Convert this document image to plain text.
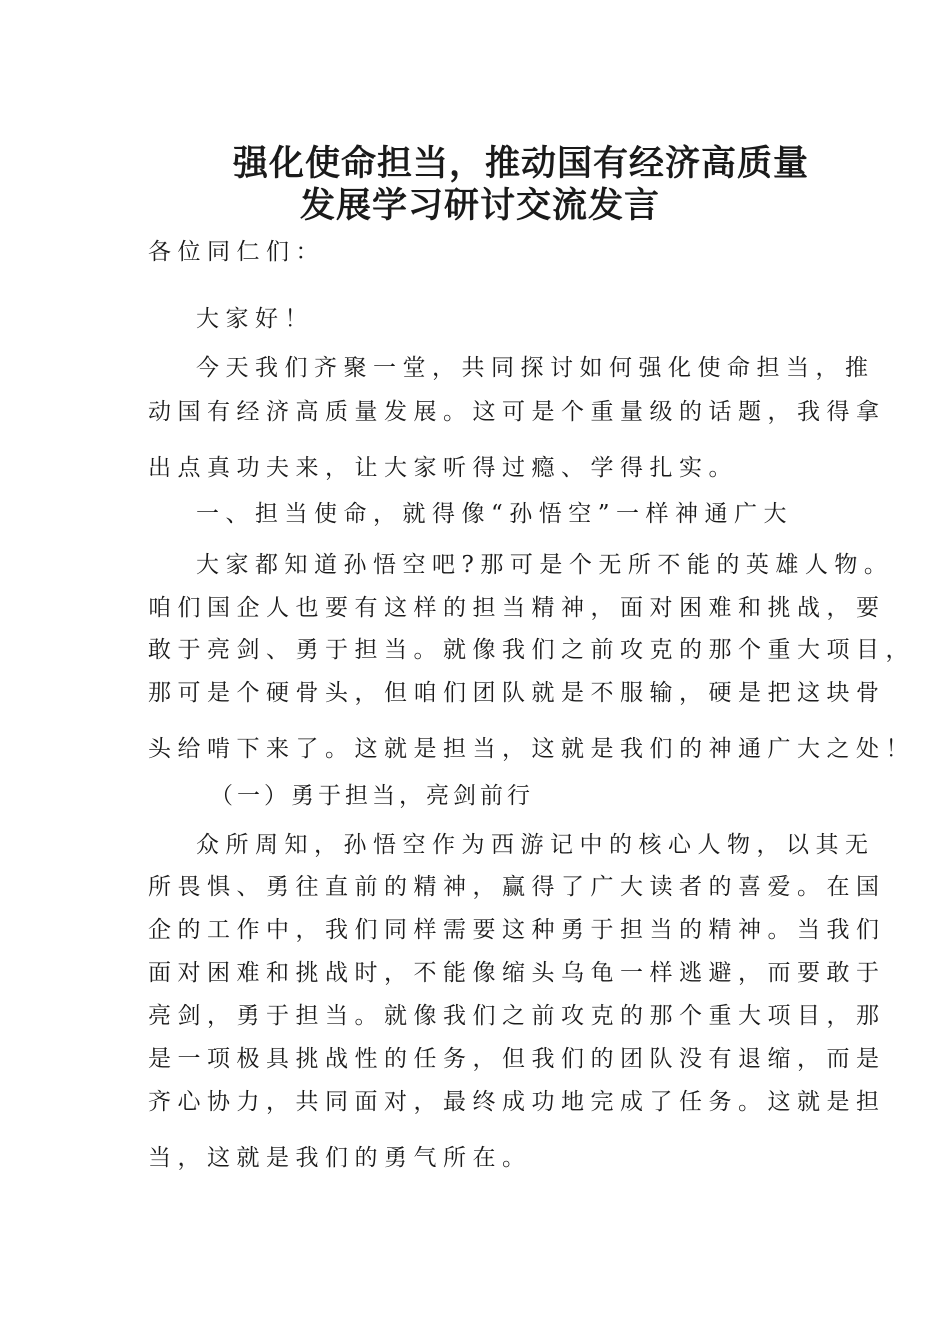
强化使命担当，推动国有经济高质量
发展学习研讨交流发言
各位同仁们：
大家好！
今天我们齐聚一堂，共同探讨如何强化使命担当，推
动国有经济高质量发展。这可是个重量级的话题，我得拿
出点真功夫来，让大家听得过瘾、学得扎实。
一、担当使命，就得像“孙悟空”一样神通广大
大家都知道孙悟空吧?那可是个无所不能的英雄人物。
咱们国企人也要有这样的担当精神，面对困难和挑战，要
敢于亮剑、勇于担当。就像我们之前攻克的那个重大项目，
那可是个硬骨头，但咱们团队就是不服输，硬是把这块骨
头给啃下来了。这就是担当，这就是我们的神通广大之处！
（一）勇于担当，亮剑前行
众所周知，孙悟空作为西游记中的核心人物，以其无
所畏惧、勇往直前的精神，赢得了广大读者的喜爱。在国
企的工作中，我们同样需要这种勇于担当的精神。当我们
面对困难和挑战时，不能像缩头乌龟一样逃避，而要敢于
亮剑，勇于担当。就像我们之前攻克的那个重大项目，那
是一项极具挑战性的任务，但我们的团队没有退缩，而是
齐心协力，共同面对，最终成功地完成了任务。这就是担
当，这就是我们的勇气所在。
